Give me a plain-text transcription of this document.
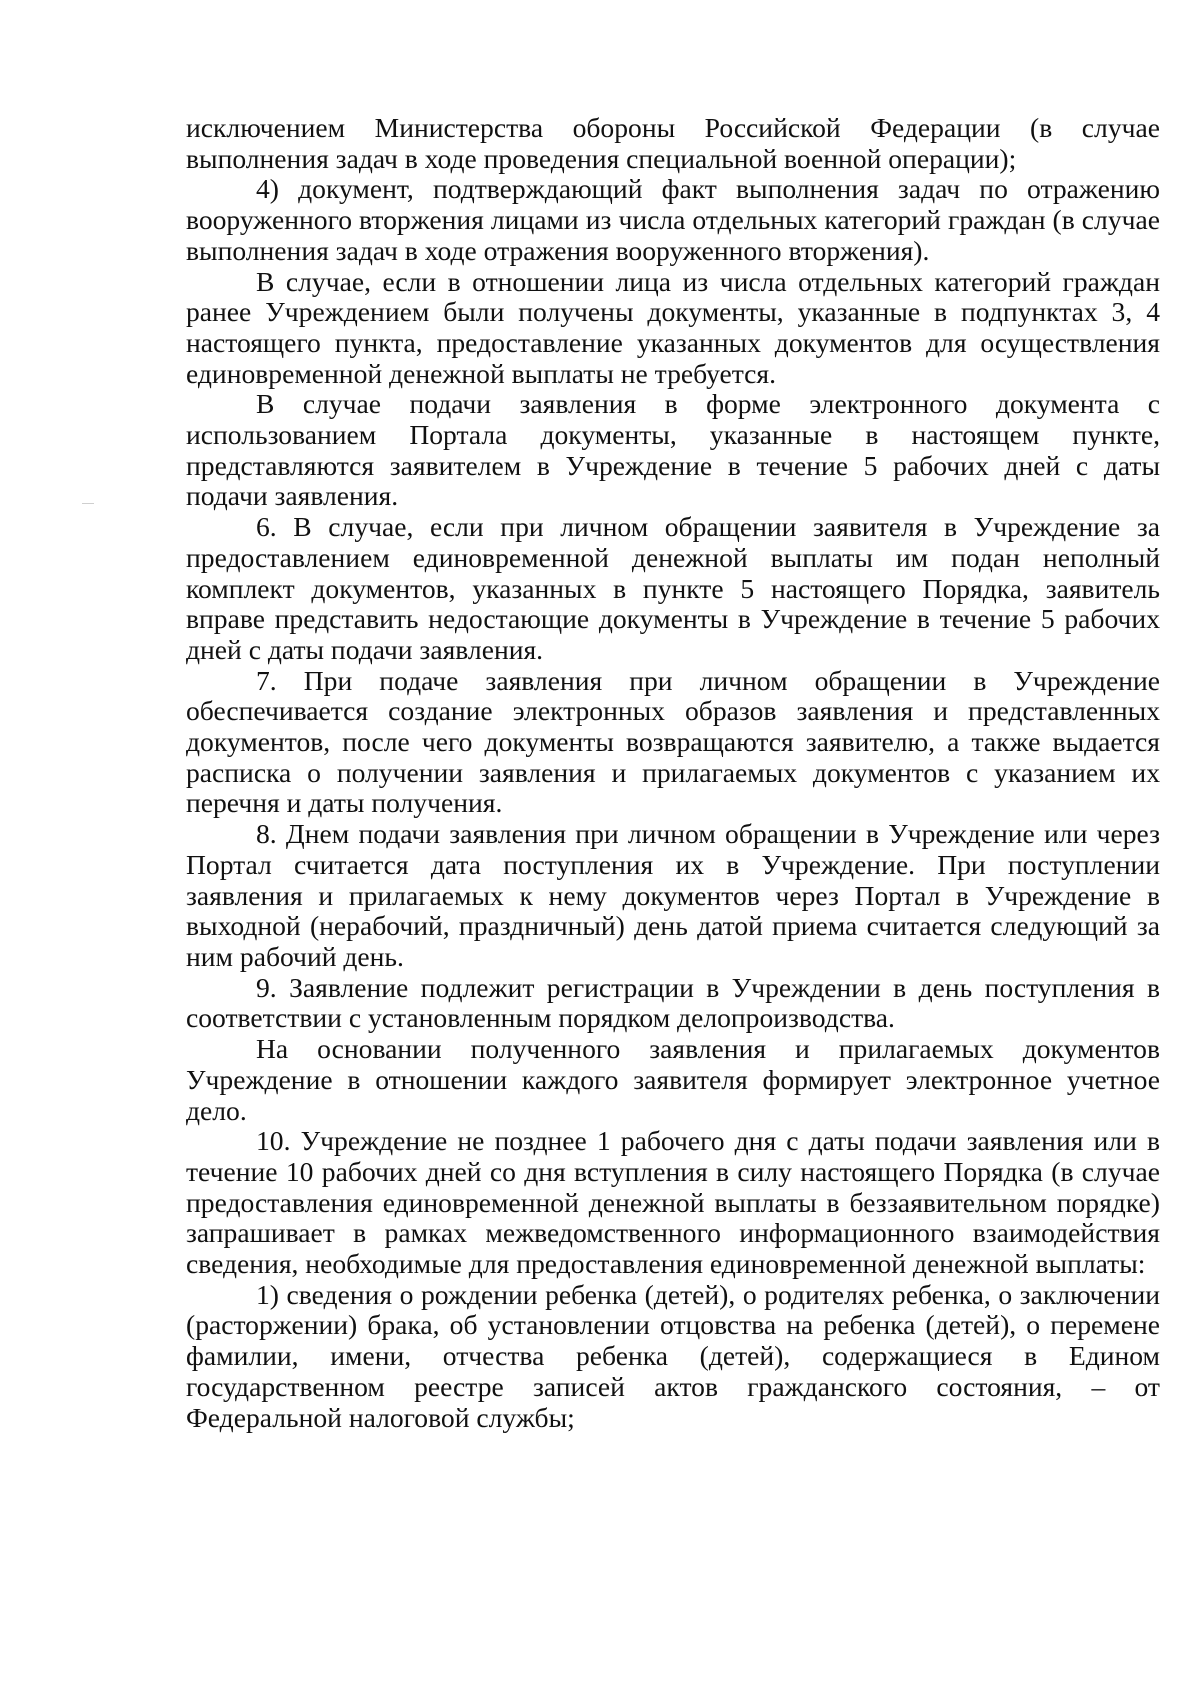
исключением Министерства обороны Российской Федерации (в случае выполнения задач в ходе проведения специальной военной операции);

4) документ, подтверждающий факт выполнения задач по отражению вооруженного вторжения лицами из числа отдельных категорий граждан (в случае выполнения задач в ходе отражения вооруженного вторжения).

В случае, если в отношении лица из числа отдельных категорий граждан ранее Учреждением были получены документы, указанные в подпунктах 3, 4 настоящего пункта, предоставление указанных документов для осуществления единовременной денежной выплаты не требуется.

В случае подачи заявления в форме электронного документа с использованием Портала документы, указанные в настоящем пункте, представляются заявителем в Учреждение в течение 5 рабочих дней с даты подачи заявления.

6. В случае, если при личном обращении заявителя в Учреждение за предоставлением единовременной денежной выплаты им подан неполный комплект документов, указанных в пункте 5 настоящего Порядка, заявитель вправе представить недостающие документы в Учреждение в течение 5 рабочих дней с даты подачи заявления.

7. При подаче заявления при личном обращении в Учреждение обеспечивается создание электронных образов заявления и представленных документов, после чего документы возвращаются заявителю, а также выдается расписка о получении заявления и прилагаемых документов с указанием их перечня и даты получения.

8. Днем подачи заявления при личном обращении в Учреждение или через Портал считается дата поступления их в Учреждение. При поступлении заявления и прилагаемых к нему документов через Портал в Учреждение в выходной (нерабочий, праздничный) день датой приема считается следующий за ним рабочий день.

9. Заявление подлежит регистрации в Учреждении в день поступления в соответствии с установленным порядком делопроизводства.

На основании полученного заявления и прилагаемых документов Учреждение в отношении каждого заявителя формирует электронное учетное дело.

10. Учреждение не позднее 1 рабочего дня с даты подачи заявления или в течение 10 рабочих дней со дня вступления в силу настоящего Порядка (в случае предоставления единовременной денежной выплаты в беззаявительном порядке) запрашивает в рамках межведомственного информационного взаимодействия сведения, необходимые для предоставления единовременной денежной выплаты:

1) сведения о рождении ребенка (детей), о родителях ребенка, о заключении (расторжении) брака, об установлении отцовства на ребенка (детей), о перемене фамилии, имени, отчества ребенка (детей), содержащиеся в Едином государственном реестре записей актов гражданского состояния, – от Федеральной налоговой службы;
